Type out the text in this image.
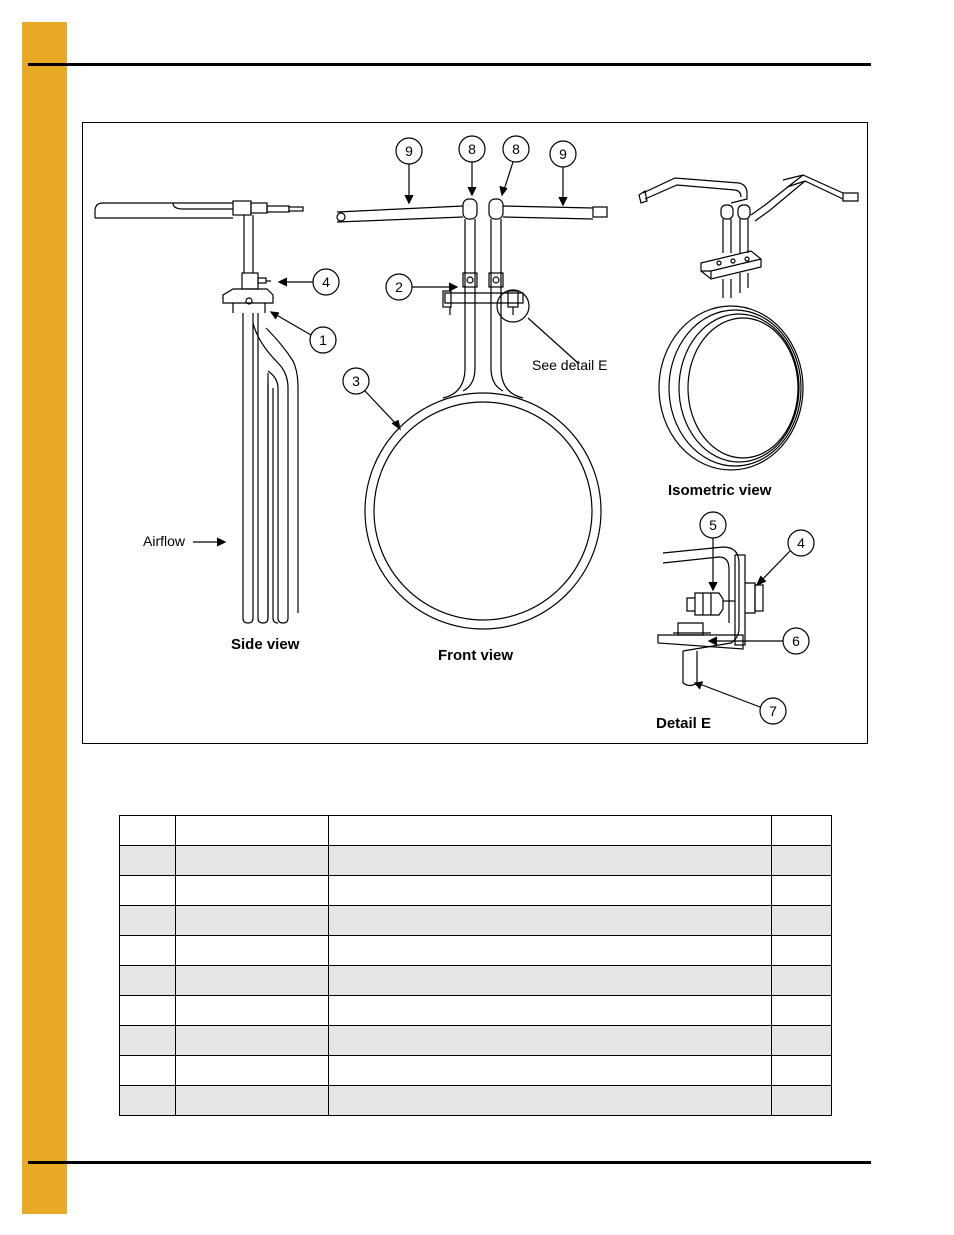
9	8	8	9
4	2
1
3
5
4
6
7
Airflow
See detail E
Side view
Front view
Isometric view
Detail E
